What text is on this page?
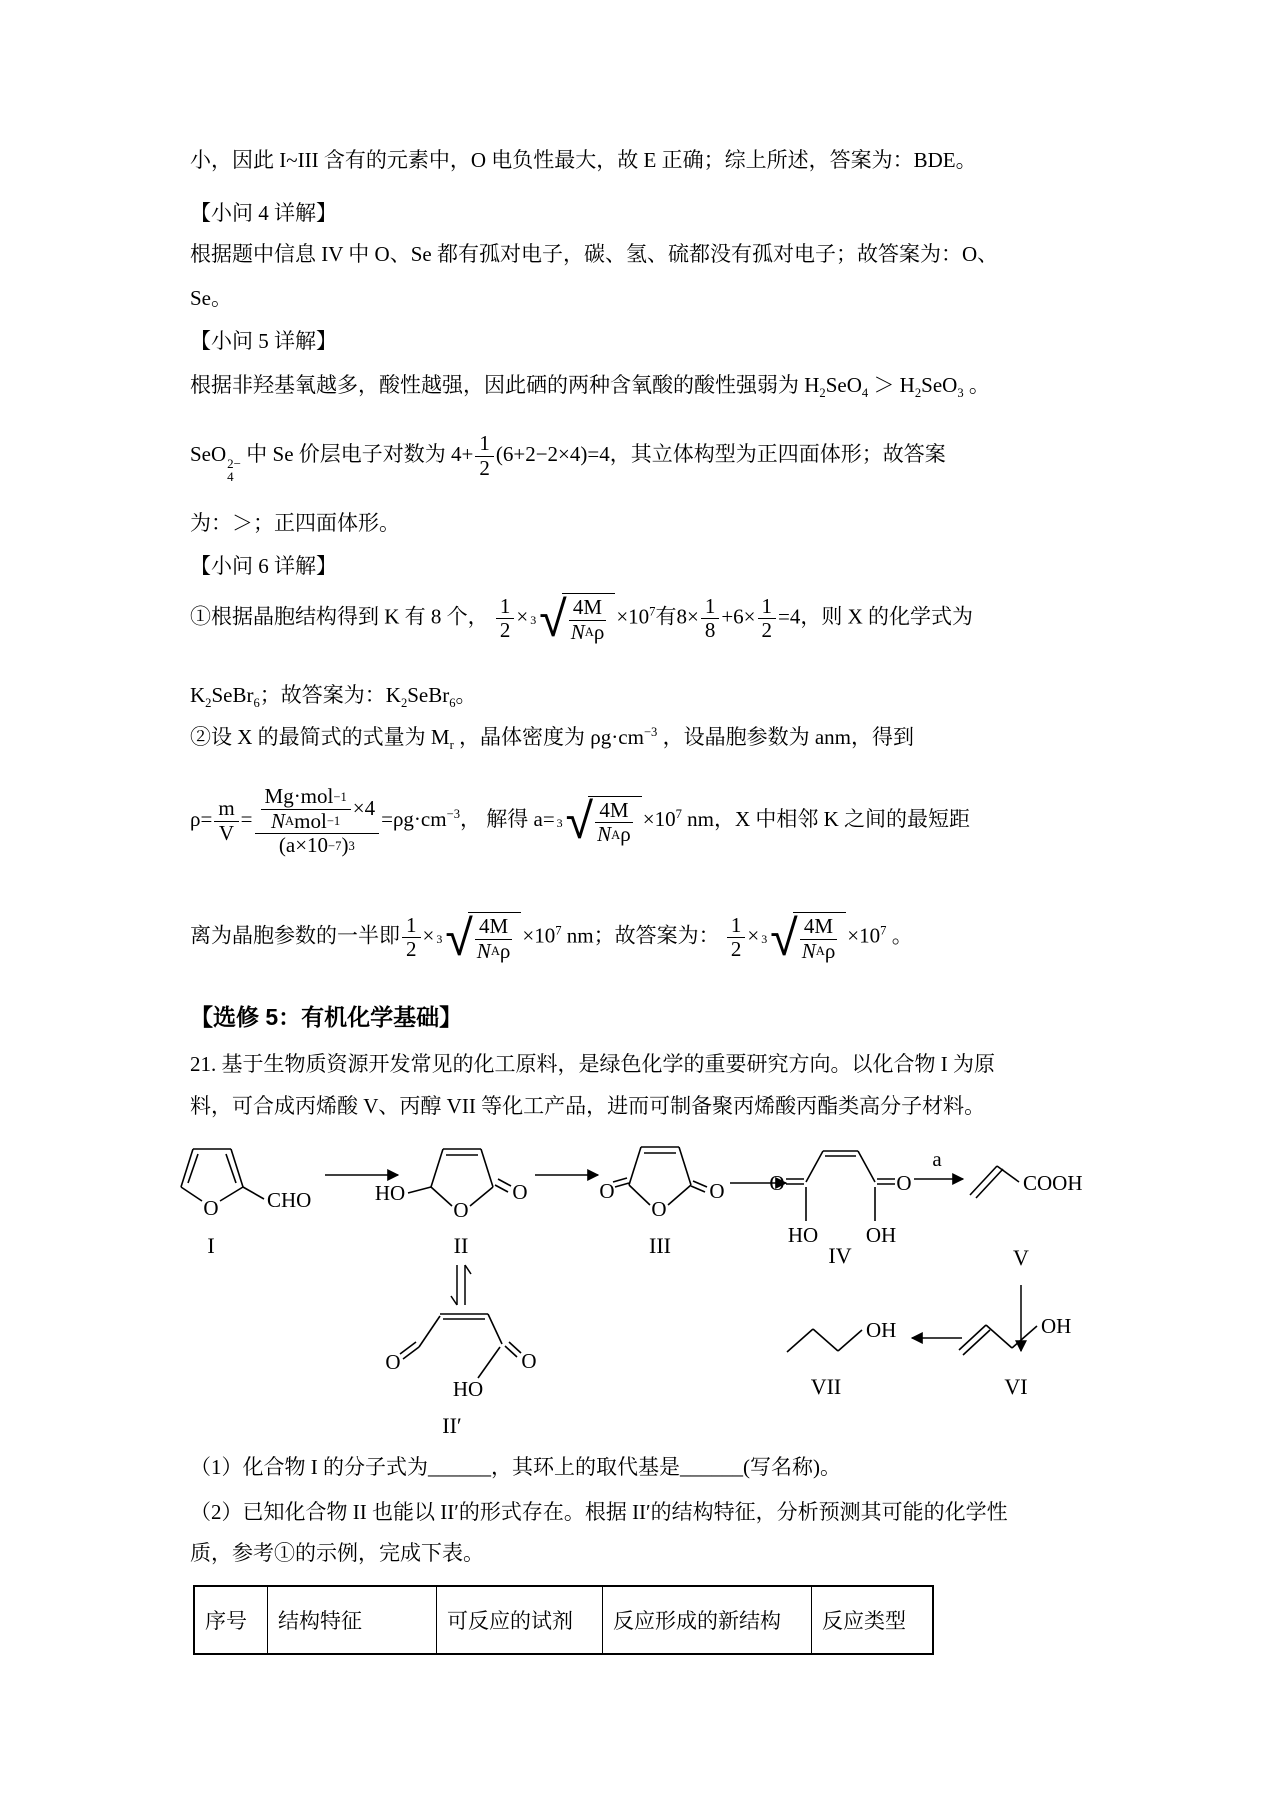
小，因此 I~III 含有的元素中，O 电负性最大，故 E 正确；综上所述，答案为：BDE。
【小问 4 详解】
根据题中信息 IV 中 O、Se 都有孤对电子，碳、氢、硫都没有孤对电子；故答案为：O、
Se。
【小问 5 详解】
根据非羟基氧越多，酸性越强，因此硒的两种含氧酸的酸性强弱为 $H_2SeO_4 > H_2SeO_3$ 。
SeO 2−
4
中 Se 价层电子对数为 $4+ \frac{1}{2} (6+2-2\times 4)=4$，其立体构型为正四面体形；故答案
为：＞；正四面体形。
【小问 6 详解】
①根据晶胞结构得到 K 有 8 个， $\frac{1}{2} \times 3$ √ $\frac{4M}{\text{N A ρ}} \times 10^7$有$8\times \frac{1}{8} +6\times \frac{1}{2} =4$，则 X 的化学式为
$K_2SeBr_6$；故答案为：$K_2SeBr_6$。
②设 X 的最简式的式量为 $M_r$ ，晶体密度为 $\rho g\cdot cm^{-3}$ ，设晶胞参数为 anm，得到
$\rho= \frac{m}{V} = \frac{\frac{\text{Mg·mol −1}}{\text{N A mol −1}} \times 4}{(a\times 10 -7 ) 3} =\rho g\cdot cm^{-3}$， 解得 a= 3 √ $\frac{4M}{\text{N A ρ}} \times 10^7$ nm，X 中相邻 K 之间的最短距
离为晶胞参数的一半即 $\frac{1}{2} \times 3$ √ $\frac{4M}{\text{N A ρ}} \times 10^7$ nm；故答案为： $\frac{1}{2} \times 3$ √ $\frac{4M}{\text{N A ρ}} \times 10^7$ 。
【选修 5：有机化学基础】
21. 基于生物质资源开发常见的化工原料，是绿色化学的重要研究方向。以化合物 I 为原
料，可合成丙烯酸 V、丙醇 VII 等化工产品，进而可制备聚丙烯酸丙酯类高分子材料。
O CHO
I
HO
O
O
II
O
O
O
III
O	O
HO OH
IV
a
COOH
V
O	O
HO
II′
OH
VI
OH
VII
（1）化合物 I 的分子式为______，其环上的取代基是______(写名称)。
（2）已知化合物 II 也能以 II′的形式存在。根据 II′的结构特征，分析预测其可能的化学性
质，参考①的示例，完成下表。
序号	结构特征	可反应的试剂	反应形成的新结构	反应类型
